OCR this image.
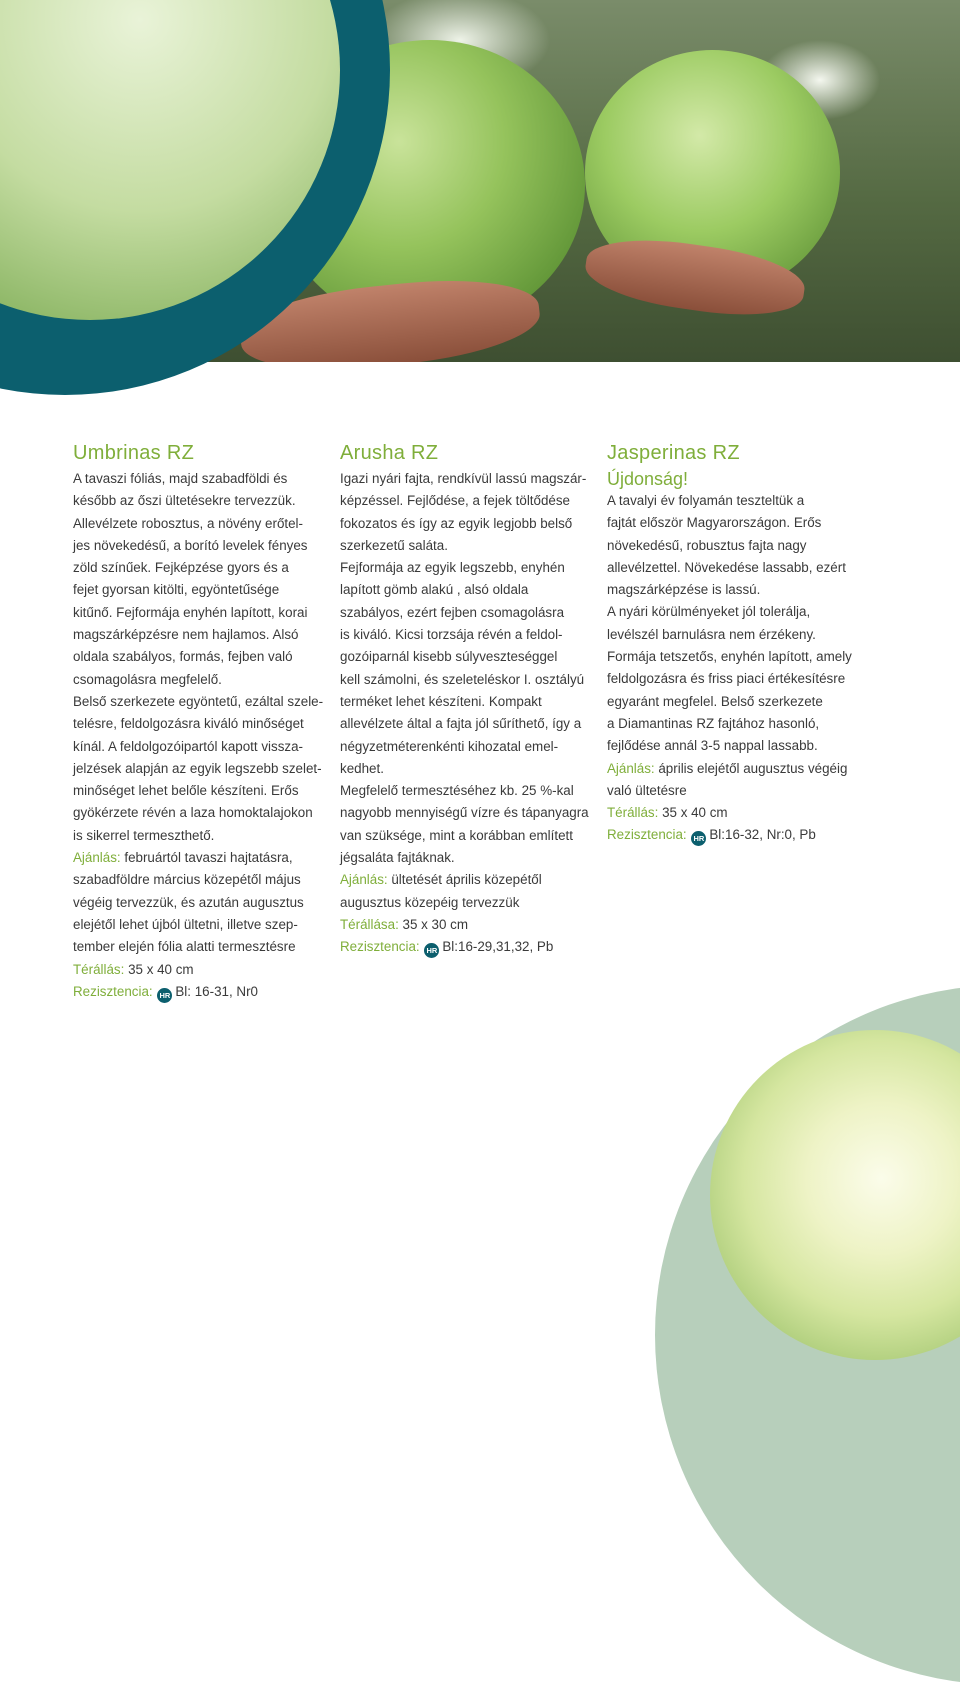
Umbrinas RZ

A tavaszi fóliás, majd szabadföldi és
később az őszi ültetésekre tervezzük.
Allevélzete robosztus, a növény erőtel-
jes növekedésű, a borító levelek fényes
zöld színűek. Fejképzése gyors és a
fejet gyorsan kitölti, egyöntetűsége
kitűnő. Fejformája enyhén lapított, korai
magszárképzésre nem hajlamos. Alsó
oldala szabályos, formás, fejben való
csomagolásra megfelelő.
Belső szerkezete egyöntetű, ezáltal szele-
telésre, feldolgozásra kiváló minőséget
kínál. A feldolgozóipartól kapott vissza-
jelzések alapján az egyik legszebb szelet-
minőséget lehet belőle készíteni. Erős
gyökérzete révén a laza homoktalajokon
is sikerrel termeszthető.

Ajánlás: februártól tavaszi hajtatásra,
szabadföldre március közepétől május
végéig tervezzük, és azután augusztus
elejétől lehet újból ültetni, illetve szep-
tember elején fólia alatti termesztésre

Térállás: 35 x 40 cm

Rezisztencia: HR Bl: 16-31, Nr0

Arusha RZ

Igazi nyári fajta, rendkívül lassú magszár-
képzéssel. Fejlődése, a fejek töltődése
fokozatos és így az egyik legjobb belső
szerkezetű saláta.
Fejformája az egyik legszebb, enyhén
lapított gömb alakú , alsó oldala
szabályos, ezért fejben csomagolásra
is kiváló. Kicsi torzsája révén a feldol-
gozóiparnál kisebb súlyveszteséggel
kell számolni, és szeleteléskor I. osztályú
terméket lehet készíteni. Kompakt
allevélzete által a fajta jól sűríthető, így a
négyzetméterenkénti kihozatal emel-
kedhet.
Megfelelő termesztéséhez kb. 25 %-kal
nagyobb mennyiségű vízre és tápanyagra
van szüksége, mint a korábban említett
jégsaláta fajtáknak.

Ajánlás: ültetését április közepétől
augusztus közepéig tervezzük

Térállása: 35 x 30 cm

Rezisztencia: HR Bl:16-29,31,32, Pb

Jasperinas RZ

Újdonság!

A tavalyi év folyamán teszteltük a
fajtát először Magyarországon. Erős
növekedésű, robusztus fajta nagy
allevélzettel. Növekedése lassabb, ezért
magszárképzése is lassú.
A nyári körülményeket jól tolerálja,
levélszél barnulásra nem érzékeny.
Formája tetszetős, enyhén lapított, amely
feldolgozásra és friss piaci értékesítésre
egyaránt megfelel. Belső szerkezete
a Diamantinas RZ fajtához hasonló,
fejlődése annál 3-5 nappal lassabb.

Ajánlás: április elejétől augusztus végéig
való ültetésre

Térállás: 35 x 40 cm

Rezisztencia: HR Bl:16-32, Nr:0, Pb
